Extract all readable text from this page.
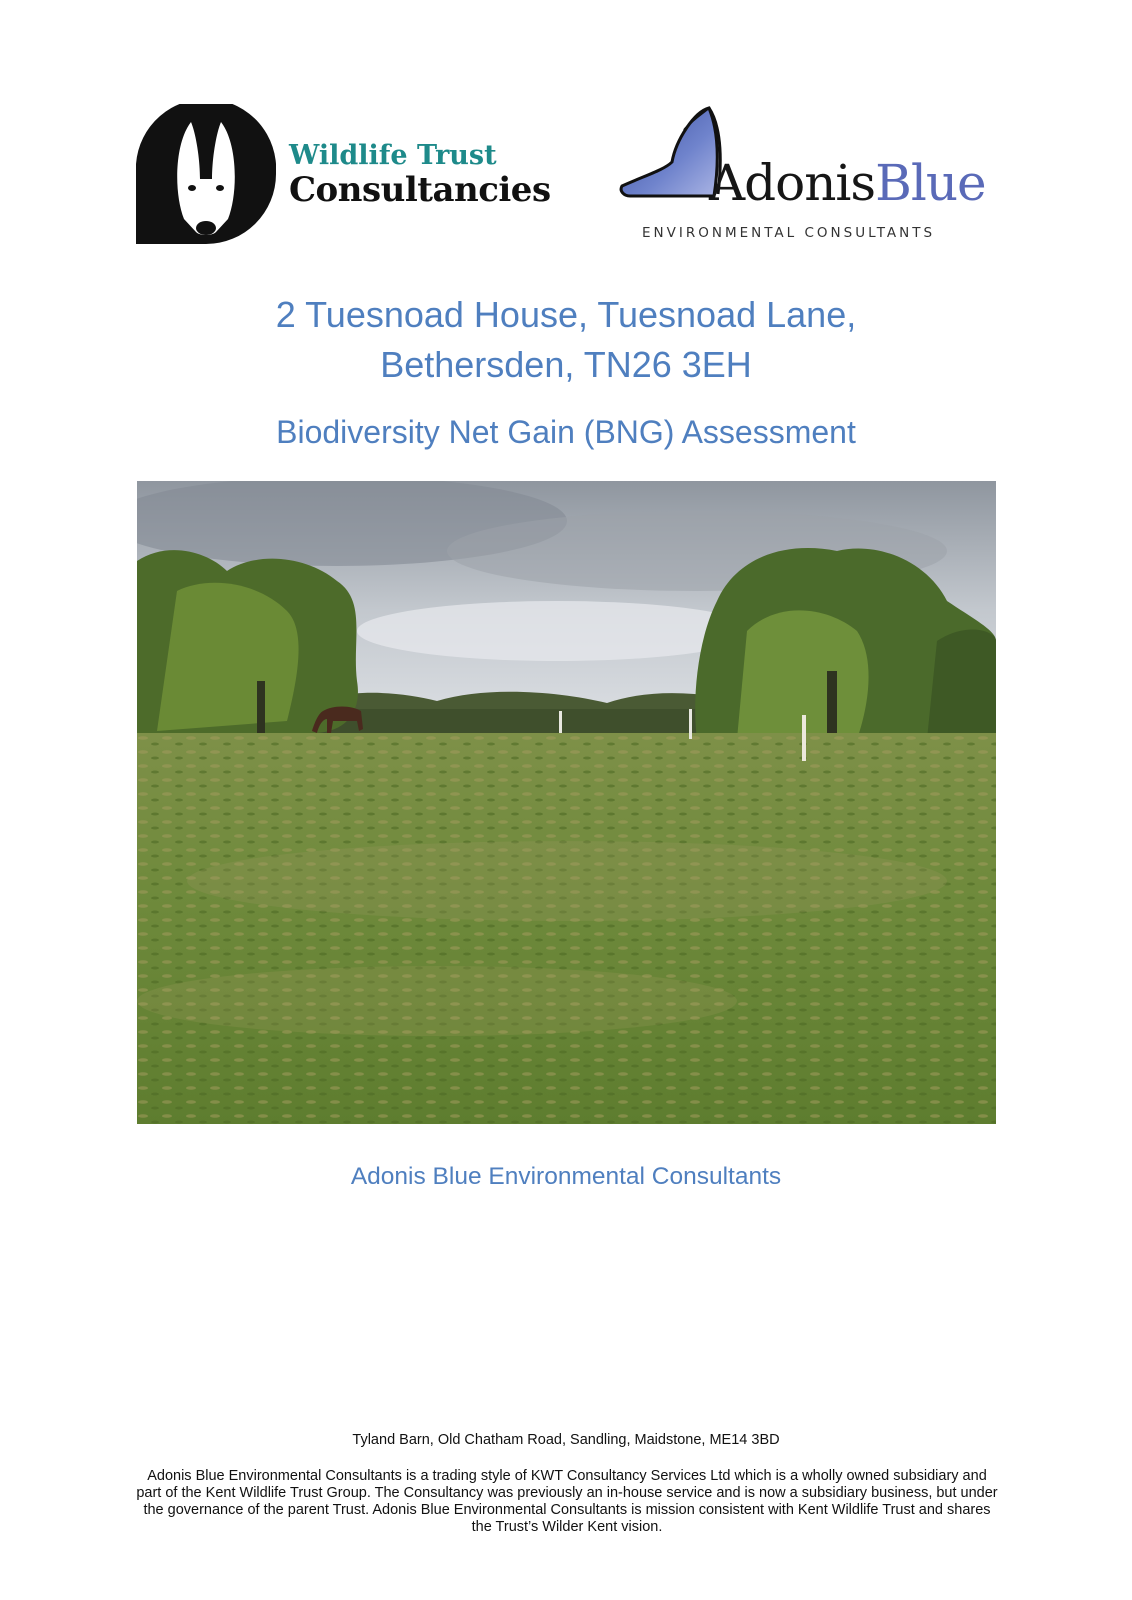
Wildlife Trust
Consultancies	AdonisBlue
ENVIRONMENTAL CONSULTANTS
2 Tuesnoad House, Tuesnoad Lane,
Bethersden, TN26 3EH
Biodiversity Net Gain (BNG) Assessment
Adonis Blue Environmental Consultants
Tyland Barn, Old Chatham Road, Sandling, Maidstone, ME14 3BD
Adonis Blue Environmental Consultants is a trading style of KWT Consultancy Services Ltd which is a wholly owned subsidiary and part of the Kent Wildlife Trust Group. The Consultancy was previously an in-house service and is now a subsidiary business, but under the governance of the parent Trust. Adonis Blue Environmental Consultants is mission consistent with Kent Wildlife Trust and shares the Trust’s Wilder Kent vision.
